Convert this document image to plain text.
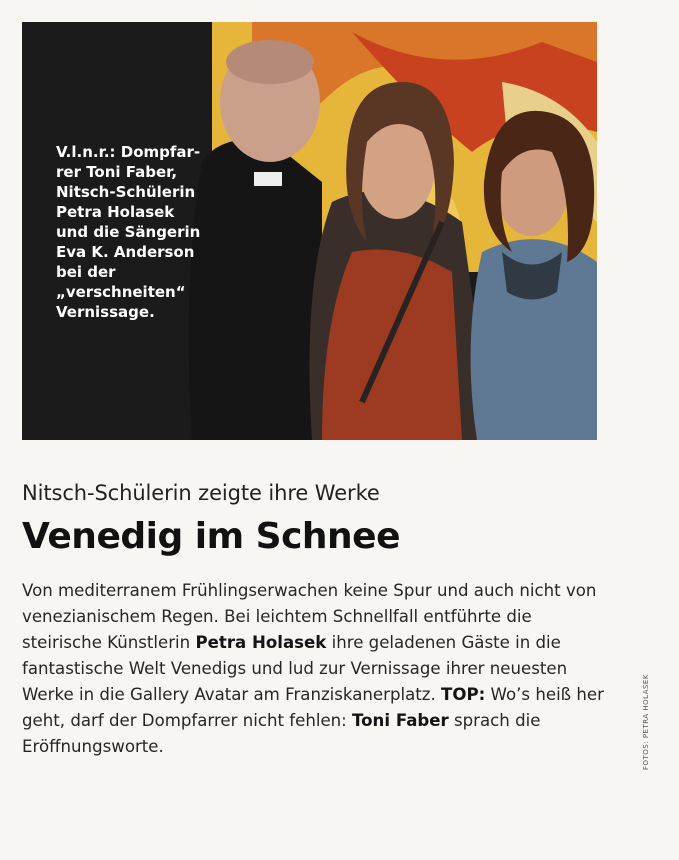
V.l.n.r.: Dompfar-
rer Toni Faber,
Nitsch-Schülerin
Petra Holasek
und die Sängerin
Eva K. Anderson
bei der
„verschneiten“
Vernissage.
Nitsch-Schülerin zeigte ihre Werke
Venedig im Schnee
Von mediterranem Frühlingserwachen keine Spur und auch nicht von venezianischem Regen. Bei leichtem Schnellfall entführte die steirische Künstlerin Petra Holasek ihre geladenen Gäste in die fantastische Welt Venedigs und lud zur Vernissage ihrer neuesten Werke in die Gallery Avatar am Franziskanerplatz. TOP: Wo’s heiß her geht, darf der Dompfarrer nicht fehlen: Toni Faber sprach die Eröffnungsworte.	FOTOS: PETRA HOLASEK
